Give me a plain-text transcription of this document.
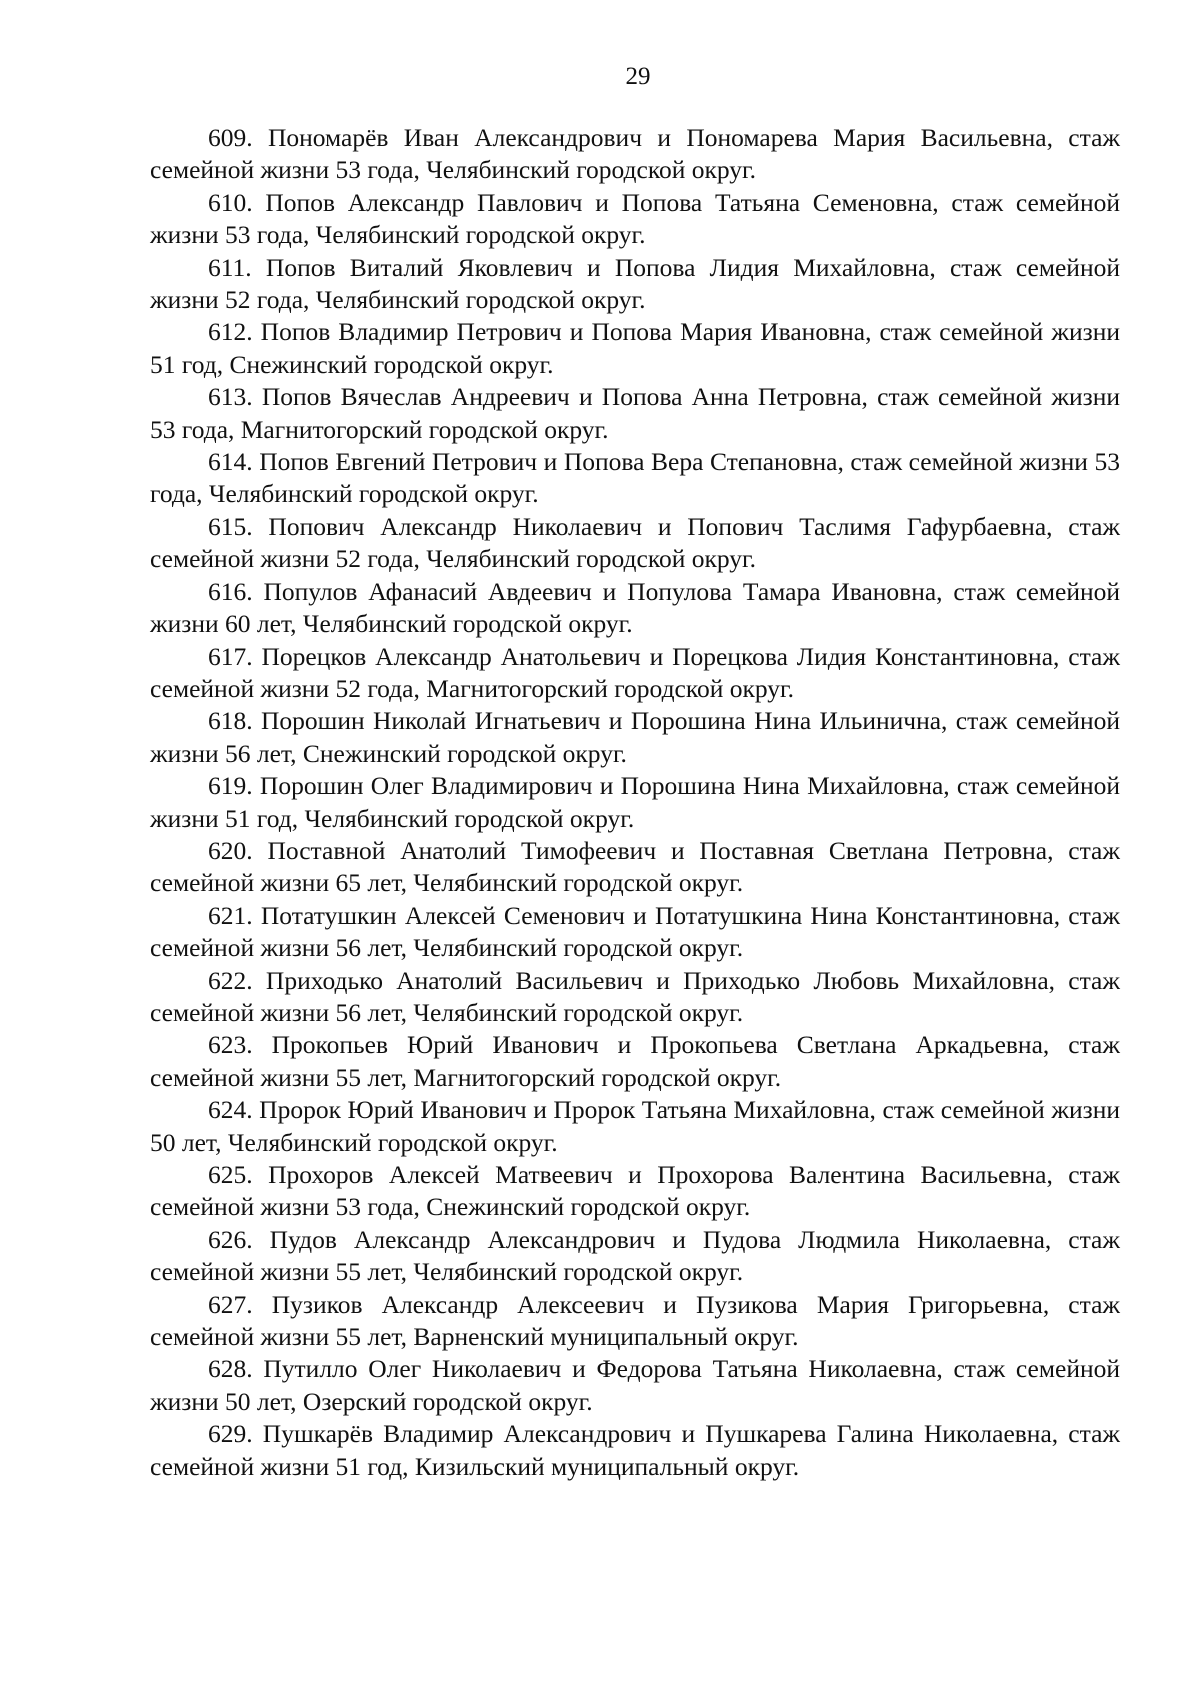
29

609. Пономарёв Иван Александрович и Пономарева Мария Васильевна, стаж семейной жизни 53 года, Челябинский городской округ.

610. Попов Александр Павлович и Попова Татьяна Семеновна, стаж семейной жизни 53 года, Челябинский городской округ.

611. Попов Виталий Яковлевич и Попова Лидия Михайловна, стаж семейной жизни 52 года, Челябинский городской округ.

612. Попов Владимир Петрович и Попова Мария Ивановна, стаж семейной жизни 51 год, Снежинский городской округ.

613. Попов Вячеслав Андреевич и Попова Анна Петровна, стаж семейной жизни 53 года, Магнитогорский городской округ.

614. Попов Евгений Петрович и Попова Вера Степановна, стаж семейной жизни 53 года, Челябинский городской округ.

615. Попович Александр Николаевич и Попович Таслимя Гафурбаевна, стаж семейной жизни 52 года, Челябинский городской округ.

616. Популов Афанасий Авдеевич и Популова Тамара Ивановна, стаж семейной жизни 60 лет, Челябинский городской округ.

617. Порецков Александр Анатольевич и Порецкова Лидия Константиновна, стаж семейной жизни 52 года, Магнитогорский городской округ.

618. Порошин Николай Игнатьевич и Порошина Нина Ильинична, стаж семейной жизни 56 лет, Снежинский городской округ.

619. Порошин Олег Владимирович и Порошина Нина Михайловна, стаж семейной жизни 51 год, Челябинский городской округ.

620. Поставной Анатолий Тимофеевич и Поставная Светлана Петровна, стаж семейной жизни 65 лет, Челябинский городской округ.

621. Потатушкин Алексей Семенович и Потатушкина Нина Константиновна, стаж семейной жизни 56 лет, Челябинский городской округ.

622. Приходько Анатолий Васильевич и Приходько Любовь Михайловна, стаж семейной жизни 56 лет, Челябинский городской округ.

623. Прокопьев Юрий Иванович и Прокопьева Светлана Аркадьевна, стаж семейной жизни 55 лет, Магнитогорский городской округ.

624. Пророк Юрий Иванович и Пророк Татьяна Михайловна, стаж семейной жизни 50 лет, Челябинский городской округ.

625. Прохоров Алексей Матвеевич и Прохорова Валентина Васильевна, стаж семейной жизни 53 года, Снежинский городской округ.

626. Пудов Александр Александрович и Пудова Людмила Николаевна, стаж семейной жизни 55 лет, Челябинский городской округ.

627. Пузиков Александр Алексеевич и Пузикова Мария Григорьевна, стаж семейной жизни 55 лет, Варненский муниципальный округ.

628. Путилло Олег Николаевич и Федорова Татьяна Николаевна, стаж семейной жизни 50 лет, Озерский городской округ.

629. Пушкарёв Владимир Александрович и Пушкарева Галина Николаевна, стаж семейной жизни 51 год, Кизильский муниципальный округ.
